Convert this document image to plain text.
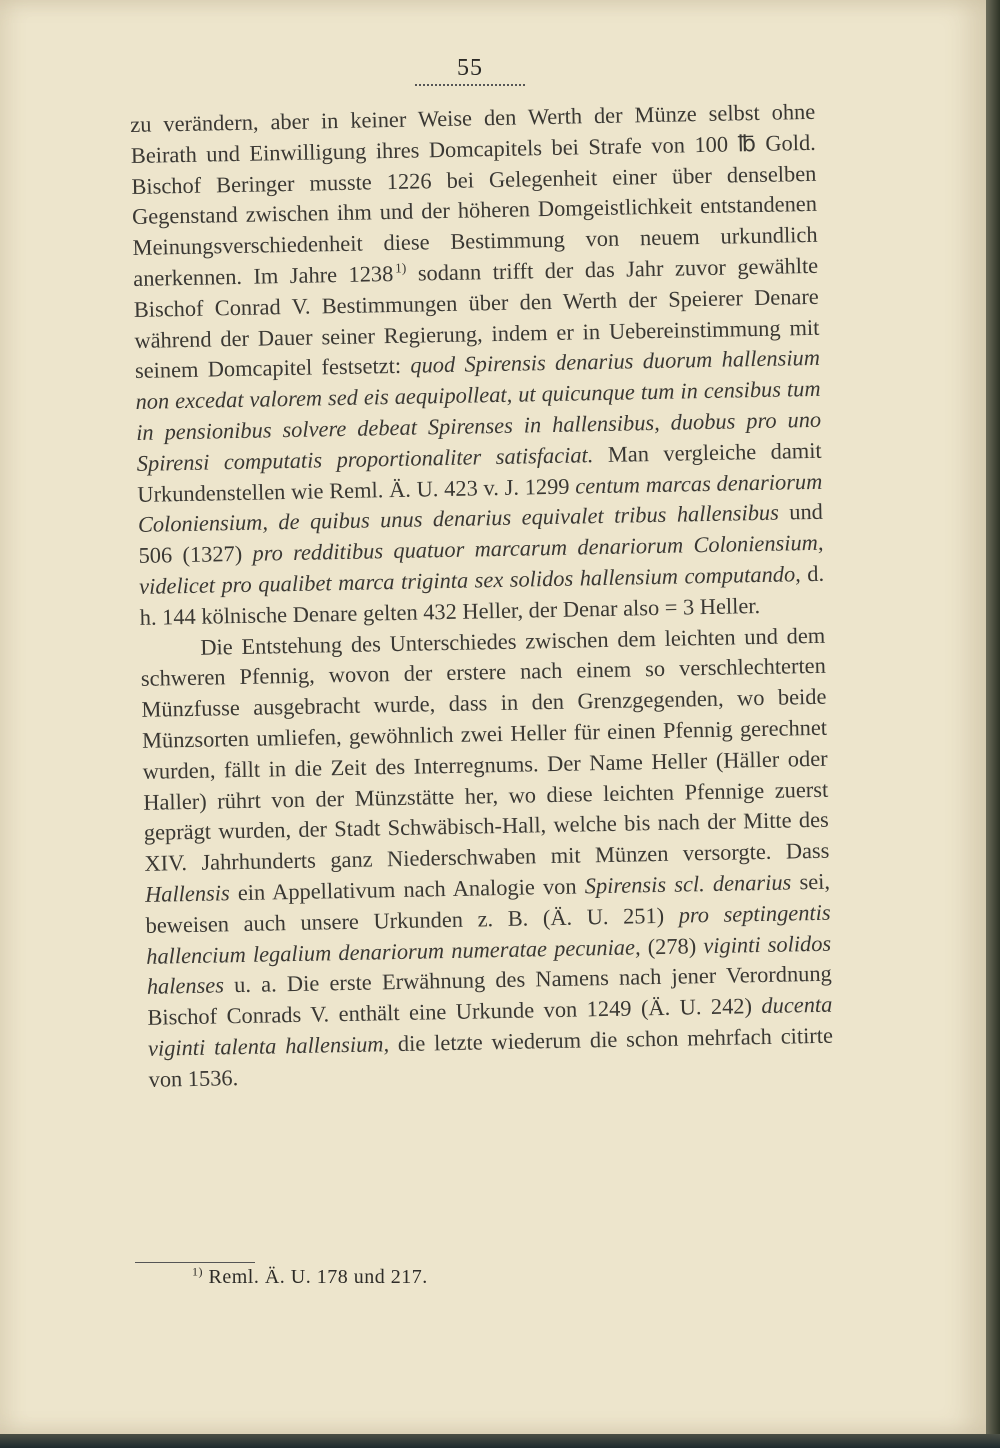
55

zu verändern, aber in keiner Weise den Werth der Münze selbst ohne Beirath und Einwilligung ihres Domcapitels bei Strafe von 100 ℔ Gold. Bischof Beringer musste 1226 bei Gelegenheit einer über denselben Gegenstand zwischen ihm und der höheren Domgeistlichkeit entstandenen Meinungsverschiedenheit diese Bestimmung von neuem urkundlich anerkennen. Im Jahre 1238 $^{1)}$ sodann trifft der das Jahr zuvor gewählte Bischof Conrad V. Bestimmungen über den Werth der Speierer Denare während der Dauer seiner Regierung, indem er in Uebereinstimmung mit seinem Domcapitel festsetzt: quod Spirensis denarius duorum hallensium non excedat valorem sed eis aequipolleat, ut quicunque tum in censibus tum in pensionibus solvere debeat Spirenses in hallensibus, duobus pro uno Spirensi computatis proportionaliter satisfaciat. Man vergleiche damit Urkundenstellen wie Reml. Ä. U. 423 v. J. 1299 centum marcas denariorum Coloniensium, de quibus unus denarius equivalet tribus hallensibus und 506 (1327) pro redditibus quatuor marcarum denariorum Coloniensium, videlicet pro qualibet marca triginta sex solidos hallensium computando, d. h. 144 kölnische Denare gelten 432 Heller, der Denar also = 3 Heller.

Die Entstehung des Unterschiedes zwischen dem leichten und dem schweren Pfennig, wovon der erstere nach einem so verschlechterten Münzfusse ausgebracht wurde, dass in den Grenzgegenden, wo beide Münzsorten umliefen, gewöhnlich zwei Heller für einen Pfennig gerechnet wurden, fällt in die Zeit des Interregnums. Der Name Heller (Häller oder Haller) rührt von der Münzstätte her, wo diese leichten Pfennige zuerst geprägt wurden, der Stadt Schwäbisch-Hall, welche bis nach der Mitte des XIV. Jahrhunderts ganz Niederschwaben mit Münzen versorgte. Dass Hallensis ein Appellativum nach Analogie von Spirensis scl. denarius sei, beweisen auch unsere Urkunden z. B. (Ä. U. 251) pro septingentis hallencium legalium denariorum numeratae pecuniae, (278) viginti solidos halenses u. a. Die erste Erwähnung des Namens nach jener Verordnung Bischof Conrads V. enthält eine Urkunde von 1249 (Ä. U. 242) ducenta viginti talenta hallensium, die letzte wiederum die schon mehrfach citirte von 1536.

$^{1)}$ Reml. Ä. U. 178 und 217.
